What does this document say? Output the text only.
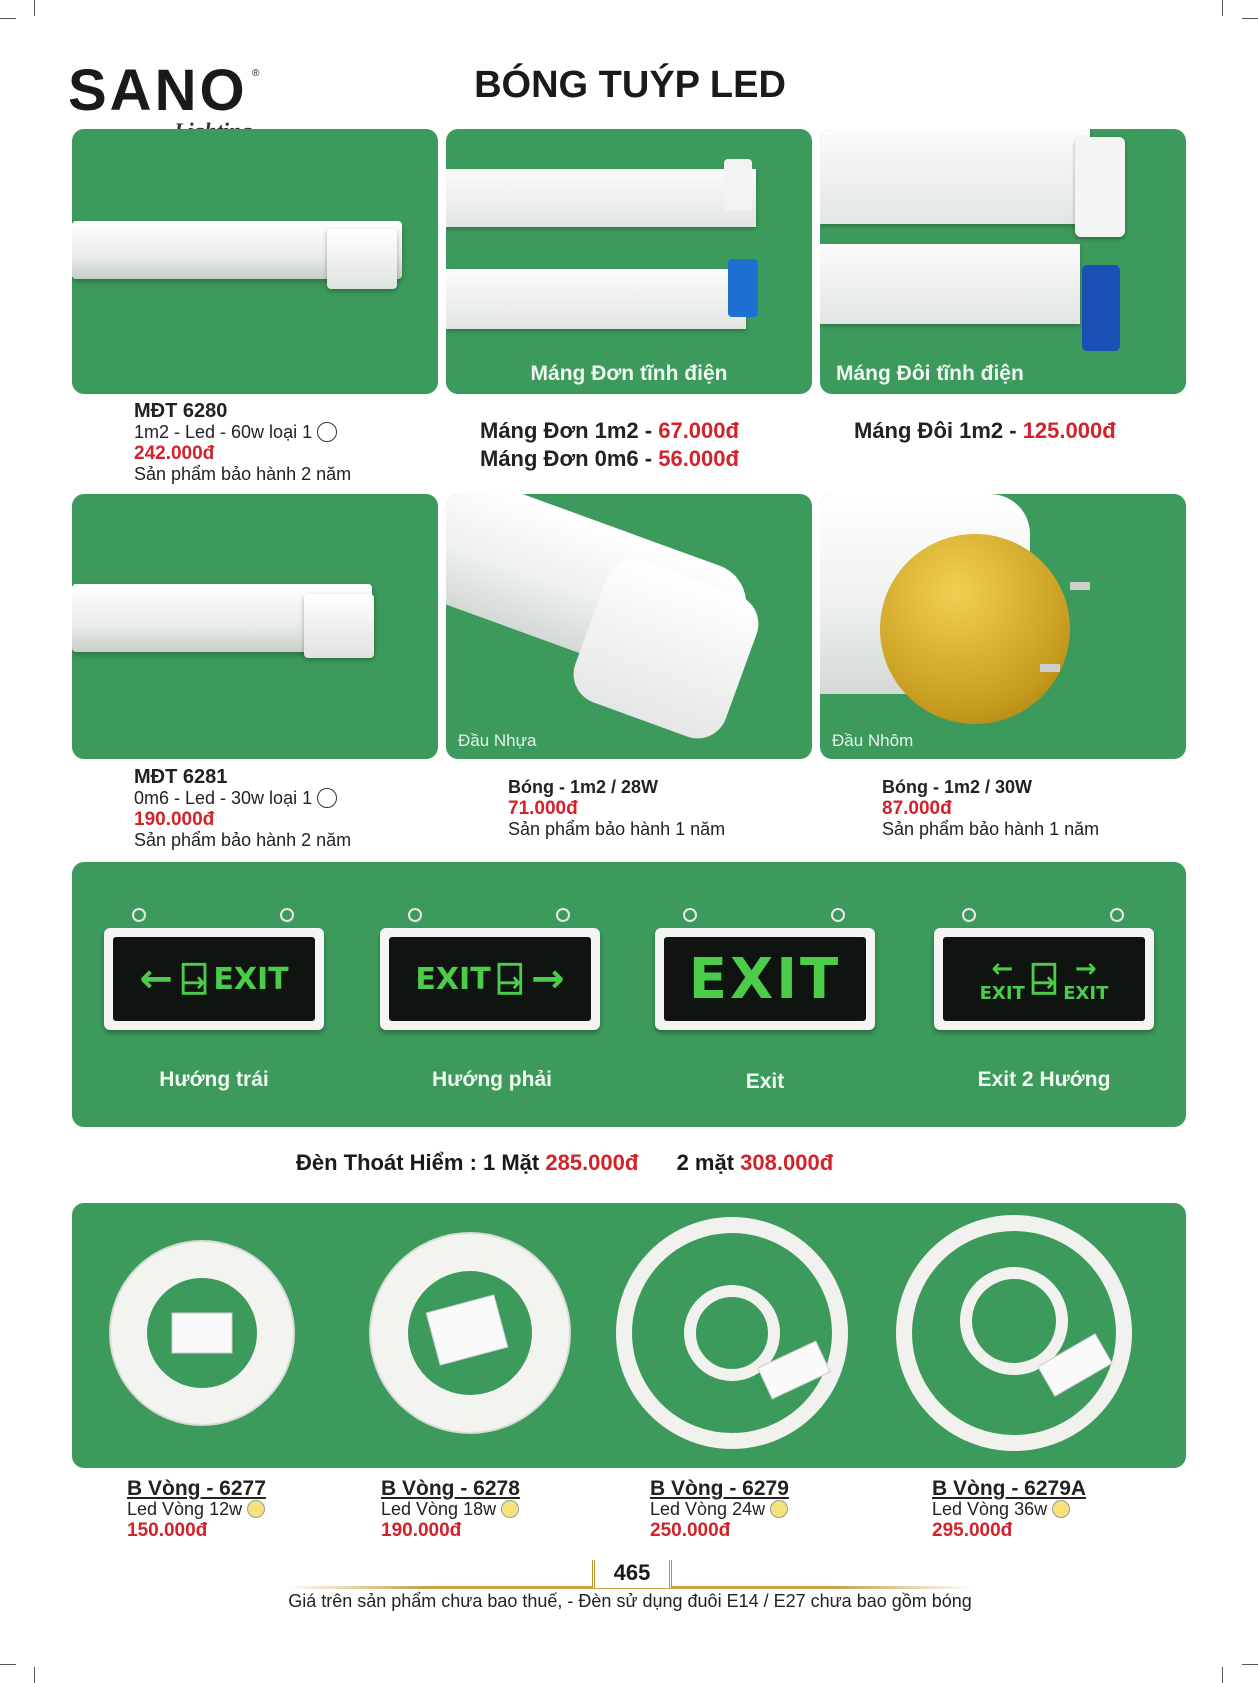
SANO ®	BÓNG TUÝP LED
Máng Đơn tĩnh điện	Máng Đôi tĩnh điện
MĐT 6280
1m2 - Led - 60w loại 1
242.000đ
Sản phẩm bảo hành 2 năm
Máng Đơn 1m2 - 67.000đ
Máng Đơn 0m6 - 56.000đ
Máng Đôi 1m2 - 125.000đ
Đầu Nhựa	Đầu Nhôm
MĐT 6281
0m6 - Led - 30w loại 1
190.000đ
Sản phẩm bảo hành 2 năm
Bóng - 1m2 / 28W
71.000đ
Sản phẩm bảo hành 1 năm
Bóng - 1m2 / 30W
87.000đ
Sản phẩm bảo hành 1 năm
← ⍈ EXIT	EXIT ⍈ → EXIT	←
EXIT ⍈ →
EXIT
Hướng trái	Hướng phải	Exit	Exit 2 Hướng
Đèn Thoát Hiểm : 1 Mặt 285.000đ 2 mặt 308.000đ
B Vòng - 6277
Led Vòng 12w
150.000đ
B Vòng - 6278
Led Vòng 18w
190.000đ
B Vòng - 6279
Led Vòng 24w
250.000đ
B Vòng - 6279A
Led Vòng 36w
295.000đ
465
Giá trên sản phẩm chưa bao thuế, - Đèn sử dụng đuôi E14 / E27 chưa bao gồm bóng
